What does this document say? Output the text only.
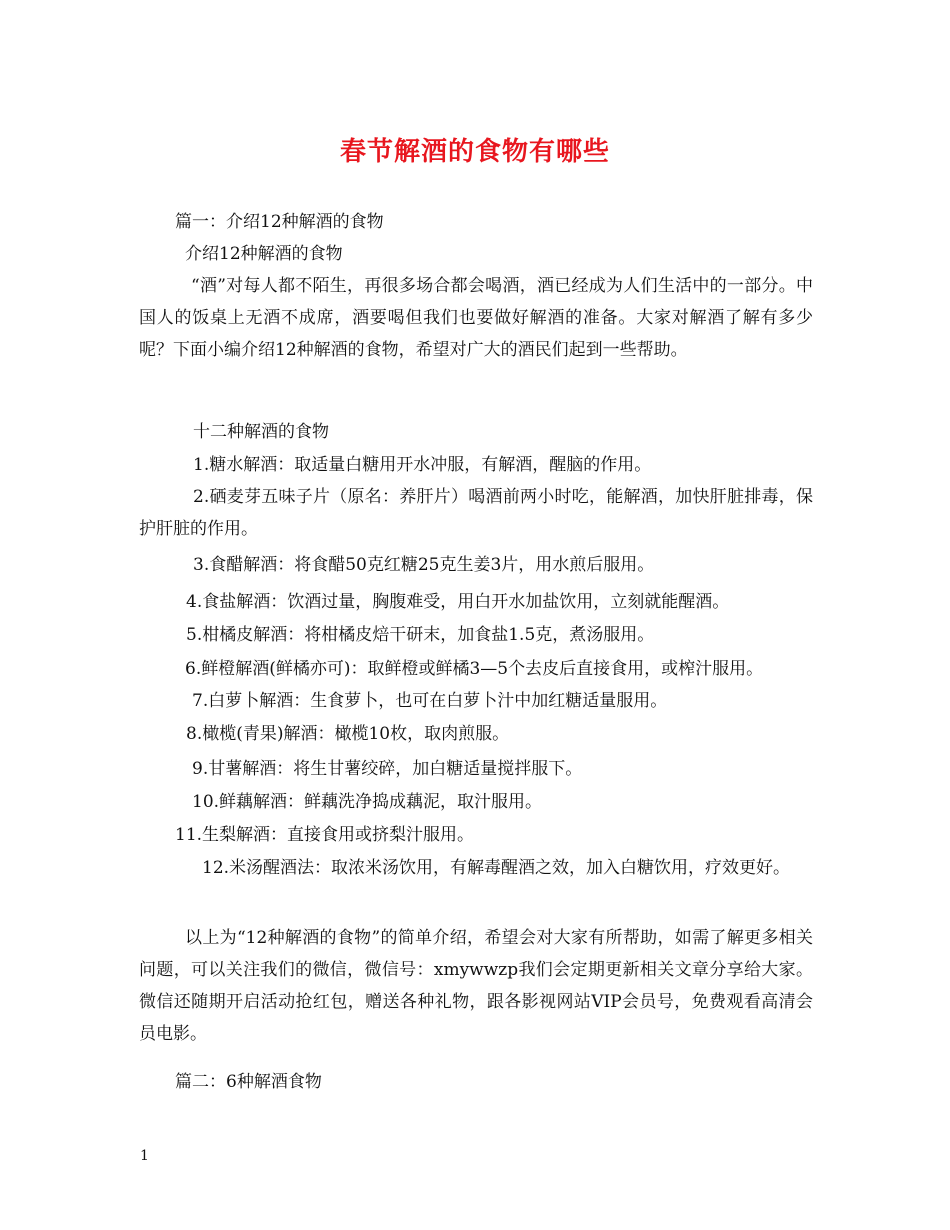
春节解酒的食物有哪些
篇一：介绍12种解酒的食物
介绍12种解酒的食物
“酒”对每人都不陌生，再很多场合都会喝酒，酒已经成为人们生活中的一部分。中国人的饭桌上无酒不成席，酒要喝但我们也要做好解酒的准备。大家对解酒了解有多少呢？下面小编介绍12种解酒的食物，希望对广大的酒民们起到一些帮助。
十二种解酒的食物
1.糖水解酒：取适量白糖用开水冲服，有解酒，醒脑的作用。
2.硒麦芽五味子片（原名：养肝片）喝酒前两小时吃，能解酒，加快肝脏排毒，保护肝脏的作用。
3.食醋解酒：将食醋50克红糖25克生姜3片，用水煎后服用。
4.食盐解酒：饮酒过量，胸腹难受，用白开水加盐饮用，立刻就能醒酒。
5.柑橘皮解酒：将柑橘皮焙干研末，加食盐1.5克，煮汤服用。
6.鲜橙解酒(鲜橘亦可)：取鲜橙或鲜橘3—5个去皮后直接食用，或榨汁服用。
7.白萝卜解酒：生食萝卜，也可在白萝卜汁中加红糖适量服用。
8.橄榄(青果)解酒：橄榄10枚，取肉煎服。
9.甘薯解酒：将生甘薯绞碎，加白糖适量搅拌服下。
10.鲜藕解酒：鲜藕洗净捣成藕泥，取汁服用。
11.生梨解酒：直接食用或挤梨汁服用。
12.米汤醒酒法：取浓米汤饮用，有解毒醒酒之效，加入白糖饮用，疗效更好。
以上为“12种解酒的食物”的简单介绍，希望会对大家有所帮助，如需了解更多相关问题，可以关注我们的微信，微信号：xmywwzp我们会定期更新相关文章分享给大家。微信还随期开启活动抢红包，赠送各种礼物，跟各影视网站VIP会员号，免费观看高清会员电影。
篇二：6种解酒食物
1
